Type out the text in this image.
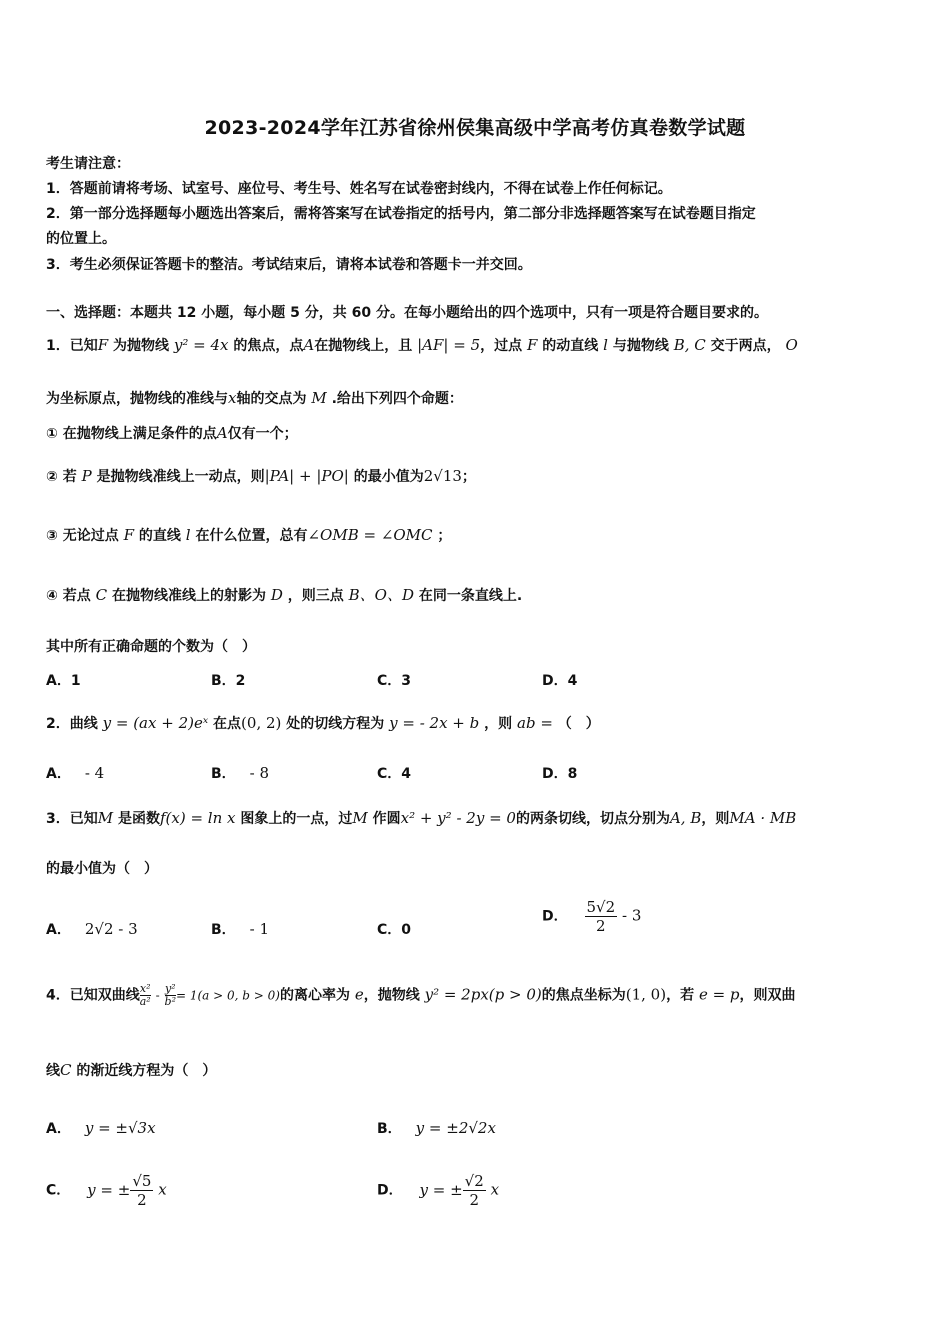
2023-2024学年江苏省徐州侯集高级中学高考仿真卷数学试题
考生请注意：
1．答题前请将考场、试室号、座位号、考生号、姓名写在试卷密封线内，不得在试卷上作任何标记。
2．第一部分选择题每小题选出答案后，需将答案写在试卷指定的括号内，第二部分非选择题答案写在试卷题目指定
的位置上。
3．考生必须保证答题卡的整洁。考试结束后，请将本试卷和答题卡一并交回。
一、选择题：本题共 12 小题，每小题 5 分，共 60 分。在每小题给出的四个选项中，只有一项是符合题目要求的。
1．已知F 为抛物线 y² = 4x 的焦点，点A在抛物线上，且 |AF| = 5，过点 F 的动直线 l 与抛物线 B, C 交于两点， O
为坐标原点，抛物线的准线与x轴的交点为 M .给出下列四个命题：
① 在抛物线上满足条件的点A仅有一个；
② 若 P 是抛物线准线上一动点，则|PA| + |PO| 的最小值为2√13；
③ 无论过点 F 的直线 l 在什么位置，总有∠OMB = ∠OMC ；
④ 若点 C 在抛物线准线上的射影为 D ，则三点 B、O、D 在同一条直线上.
其中所有正确命题的个数为（　）
A．1	B．2	C．3	D．4
2．曲线 y = (ax + 2)eˣ 在点(0, 2) 处的切线方程为 y = - 2x + b ，则 ab = （　）
A． - 4	B． - 8	C．4	D．8
3．已知M 是函数f(x) = ln x 图象上的一点，过M 作圆x² + y² - 2y = 0的两条切线，切点分别为A, B，则MA · MB
的最小值为（　）
A． 2√2 - 3	B． - 1	C．0
D． $\frac{5√2}{2} - 3$
4．已知双曲线 $\frac{\text{x²}}{\text{a²}} - \frac{\text{y²}}{\text{b²}}= 1(a > 0$, b > 0)的离心率为 e，抛物线 y² = 2px(p > 0)的焦点坐标为(1, 0)，若 e = p，则双曲
线C 的渐近线方程为（　）
A． y = ±√3x	B． y = ±2√2x
C． y = ± $\frac{√5}{2}$ x	D． y = ± $\frac{√2}{2}$ x
